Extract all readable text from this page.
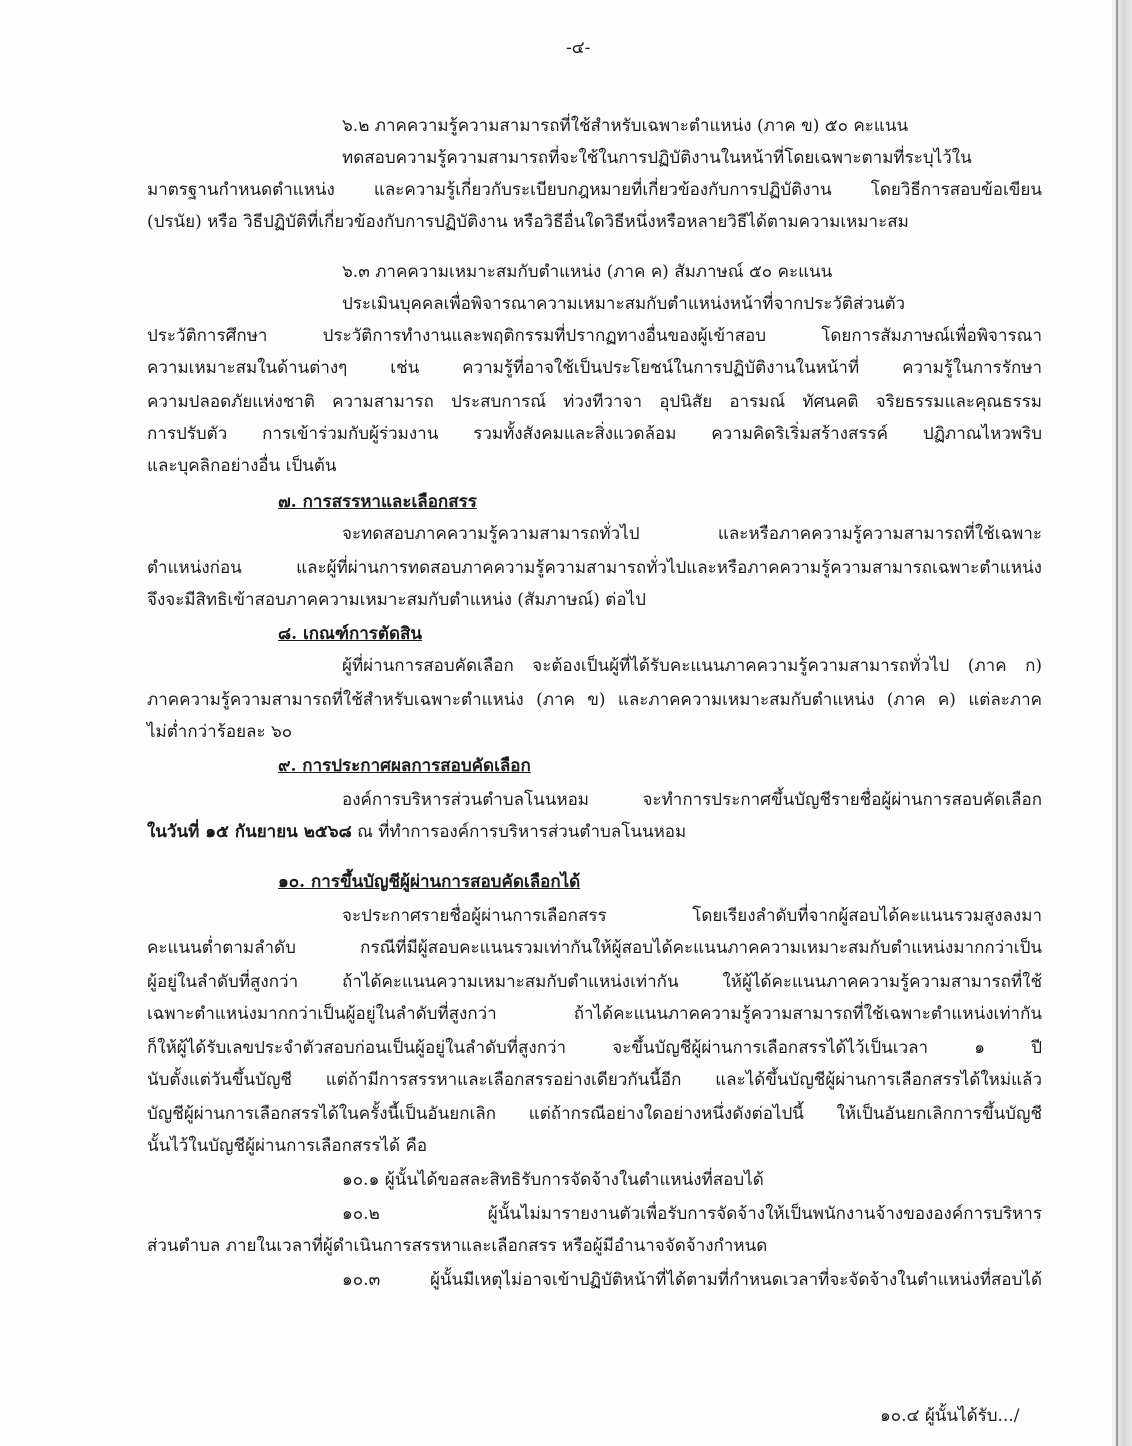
-๔-
๖.๒ ภาคความรู้ความสามารถที่ใช้สำหรับเฉพาะตำแหน่ง (ภาค ข) ๕๐ คะแนน
ทดสอบความรู้ความสามารถที่จะใช้ในการปฏิบัติงานในหน้าที่โดยเฉพาะตามที่ระบุไว้ใน
มาตรฐานกำหนดตำแหน่ง และความรู้เกี่ยวกับระเบียบกฎหมายที่เกี่ยวข้องกับการปฏิบัติงาน โดยวิธีการสอบข้อเขียน
(ปรนัย) หรือ วิธีปฏิบัติที่เกี่ยวข้องกับการปฏิบัติงาน หรือวิธีอื่นใดวิธีหนึ่งหรือหลายวิธีได้ตามความเหมาะสม
๖.๓ ภาคความเหมาะสมกับตำแหน่ง (ภาค ค) สัมภาษณ์ ๕๐ คะแนน
ประเมินบุคคลเพื่อพิจารณาความเหมาะสมกับตำแหน่งหน้าที่จากประวัติส่วนตัว
ประวัติการศึกษา ประวัติการทำงานและพฤติกรรมที่ปรากฏทางอื่นของผู้เข้าสอบ โดยการสัมภาษณ์เพื่อพิจารณา
ความเหมาะสมในด้านต่างๆ เช่น ความรู้ที่อาจใช้เป็นประโยชน์ในการปฏิบัติงานในหน้าที่ ความรู้ในการรักษา
ความปลอดภัยแห่งชาติ ความสามารถ ประสบการณ์ ท่วงทีวาจา อุปนิสัย อารมณ์ ทัศนคติ จริยธรรมและคุณธรรม
การปรับตัว การเข้าร่วมกับผู้ร่วมงาน รวมทั้งสังคมและสิ่งแวดล้อม ความคิดริเริ่มสร้างสรรค์ ปฏิภาณไหวพริบ
และบุคลิกอย่างอื่น เป็นต้น
๗. การสรรหาและเลือกสรร
จะทดสอบภาคความรู้ความสามารถทั่วไป และหรือภาคความรู้ความสามารถที่ใช้เฉพาะ
ตำแหน่งก่อน และผู้ที่ผ่านการทดสอบภาคความรู้ความสามารถทั่วไปและหรือภาคความรู้ความสามารถเฉพาะตำแหน่ง
จึงจะมีสิทธิเข้าสอบภาคความเหมาะสมกับตำแหน่ง (สัมภาษณ์) ต่อไป
๘. เกณฑ์การตัดสิน
ผู้ที่ผ่านการสอบคัดเลือก จะต้องเป็นผู้ที่ได้รับคะแนนภาคความรู้ความสามารถทั่วไป (ภาค ก)
ภาคความรู้ความสามารถที่ใช้สำหรับเฉพาะตำแหน่ง (ภาค ข) และภาคความเหมาะสมกับตำแหน่ง (ภาค ค) แต่ละภาค
ไม่ต่ำกว่าร้อยละ ๖๐
๙. การประกาศผลการสอบคัดเลือก
องค์การบริหารส่วนตำบลโนนหอม จะทำการประกาศขึ้นบัญชีรายชื่อผู้ผ่านการสอบคัดเลือก
ในวันที่ ๑๕ กันยายน ๒๕๖๘ ณ ที่ทำการองค์การบริหารส่วนตำบลโนนหอม
๑๐. การขึ้นบัญชีผู้ผ่านการสอบคัดเลือกได้
จะประกาศรายชื่อผู้ผ่านการเลือกสรร โดยเรียงลำดับที่จากผู้สอบได้คะแนนรวมสูงลงมา
คะแนนต่ำตามลำดับ กรณีที่มีผู้สอบคะแนนรวมเท่ากันให้ผู้สอบได้คะแนนภาคความเหมาะสมกับตำแหน่งมากกว่าเป็น
ผู้อยู่ในลำดับที่สูงกว่า ถ้าได้คะแนนความเหมาะสมกับตำแหน่งเท่ากัน ให้ผู้ได้คะแนนภาคความรู้ความสามารถที่ใช้
เฉพาะตำแหน่งมากกว่าเป็นผู้อยู่ในลำดับที่สูงกว่า ถ้าได้คะแนนภาคความรู้ความสามารถที่ใช้เฉพาะตำแหน่งเท่ากัน
ก็ให้ผู้ได้รับเลขประจำตัวสอบก่อนเป็นผู้อยู่ในลำดับที่สูงกว่า จะขึ้นบัญชีผู้ผ่านการเลือกสรรได้ไว้เป็นเวลา ๑ ปี
นับตั้งแต่วันขึ้นบัญชี แต่ถ้ามีการสรรหาและเลือกสรรอย่างเดียวกันนี้อีก และได้ขึ้นบัญชีผู้ผ่านการเลือกสรรได้ใหม่แล้ว
บัญชีผู้ผ่านการเลือกสรรได้ในครั้งนี้เป็นอันยกเลิก แต่ถ้ากรณีอย่างใดอย่างหนึ่งดังต่อไปนี้ ให้เป็นอันยกเลิกการขึ้นบัญชี
นั้นไว้ในบัญชีผู้ผ่านการเลือกสรรได้ คือ
๑๐.๑ ผู้นั้นได้ขอสละสิทธิรับการจัดจ้างในตำแหน่งที่สอบได้
๑๐.๒ ผู้นั้นไม่มารายงานตัวเพื่อรับการจัดจ้างให้เป็นพนักงานจ้างขององค์การบริหาร
ส่วนตำบล ภายในเวลาที่ผู้ดำเนินการสรรหาและเลือกสรร หรือผู้มีอำนาจจัดจ้างกำหนด
๑๐.๓ ผู้นั้นมีเหตุไม่อาจเข้าปฏิบัติหน้าที่ได้ตามที่กำหนดเวลาที่จะจัดจ้างในตำแหน่งที่สอบได้
๑๐.๔ ผู้นั้นได้รับ.../
